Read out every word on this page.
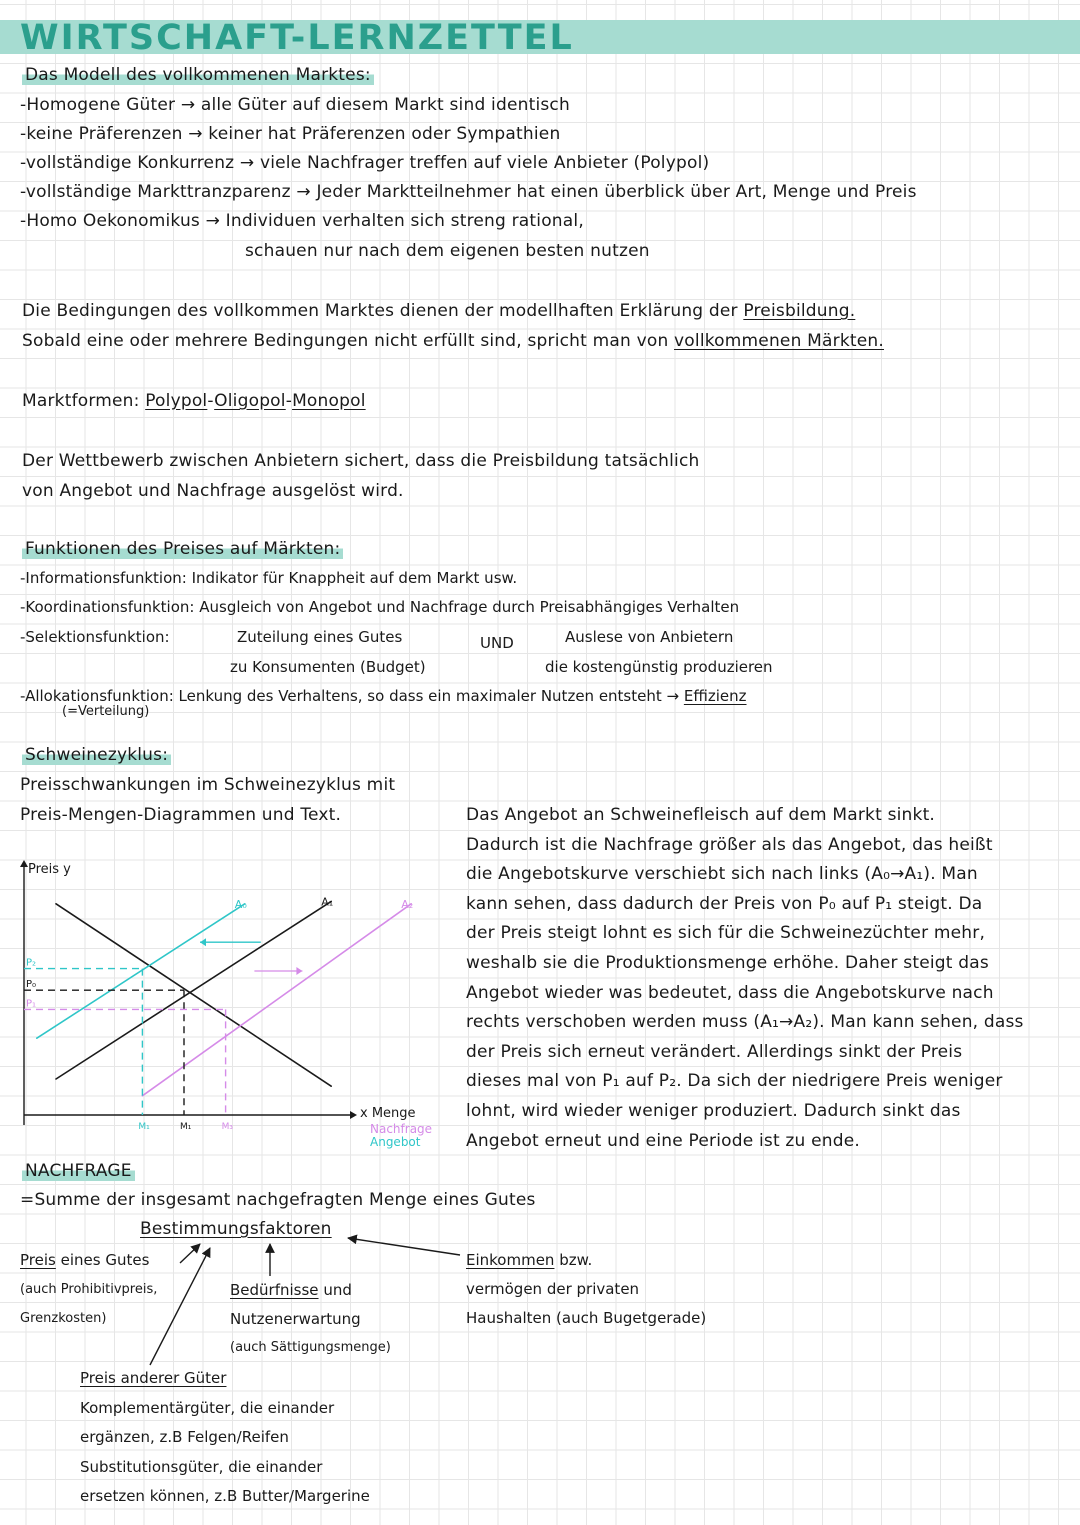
WIRTSCHAFT-LERNZETTEL
Das Modell des vollkommenen Marktes:
-Homogene Güter → alle Güter auf diesem Markt sind identisch
-keine Präferenzen → keiner hat Präferenzen oder Sympathien
-vollständige Konkurrenz → viele Nachfrager treffen auf viele Anbieter (Polypol)
-vollständige Markttranzparenz → Jeder Marktteilnehmer hat einen überblick über Art, Menge und Preis
-Homo Oekonomikus → Individuen verhalten sich streng rational,
schauen nur nach dem eigenen besten nutzen
Die Bedingungen des vollkommen Marktes dienen der modellhaften Erklärung der Preisbildung.
Sobald eine oder mehrere Bedingungen nicht erfüllt sind, spricht man von vollkommenen Märkten.
Marktformen: Polypol-Oligopol-Monopol
Der Wettbewerb zwischen Anbietern sichert, dass die Preisbildung tatsächlich
von Angebot und Nachfrage ausgelöst wird.
Funktionen des Preises auf Märkten:
-Informationsfunktion: Indikator für Knappheit auf dem Markt usw.
-Koordinationsfunktion: Ausgleich von Angebot und Nachfrage durch Preisabhängiges Verhalten
-Selektionsfunktion:	Zuteilung eines Gutes
zu Konsumenten (Budget)
UND	Auslese von Anbietern
die kostengünstig produzieren
-Allokationsfunktion: Lenkung des Verhaltens, so dass ein maximaler Nutzen entsteht → Effizienz
(=Verteilung)
Schweinezyklus:
Preisschwankungen im Schweinezyklus mit
Preis-Mengen-Diagrammen und Text.	Das Angebot an Schweinefleisch auf dem Markt sinkt.
Dadurch ist die Nachfrage größer als das Angebot, das heißt
die Angebotskurve verschiebt sich nach links (A₀→A₁). Man
kann sehen, dass dadurch der Preis von P₀ auf P₁ steigt. Da
der Preis steigt lohnt es sich für die Schweinezüchter mehr,
weshalb sie die Produktionsmenge erhöhe. Daher steigt das
Angebot wieder was bedeutet, dass die Angebotskurve nach
rechts verschoben werden muss (A₁→A₂). Man kann sehen, dass
der Preis sich erneut verändert. Allerdings sinkt der Preis
dieses mal von P₁ auf P₂. Da sich der niedrigere Preis weniger
lohnt, wird wieder weniger produziert. Dadurch sinkt das
Angebot erneut und eine Periode ist zu ende.
Preis y
x Menge
Nachfrage
Angebot
A₁
A₀	A₂
P₂
M₁
P₀
M₁
P₁
M₃
NACHFRAGE
=Summe der insgesamt nachgefragten Menge eines Gutes
Bestimmungsfaktoren
Preis eines Gutes
(auch Prohibitivpreis,
Grenzkosten)
Bedürfnisse und
Nutzenerwartung
(auch Sättigungsmenge)
Einkommen bzw.
vermögen der privaten
Haushalten (auch Bugetgerade)
Preis anderer Güter
Komplementärgüter, die einander
ergänzen, z.B Felgen/Reifen
Substitutionsgüter, die einander
ersetzen können, z.B Butter/Margerine
